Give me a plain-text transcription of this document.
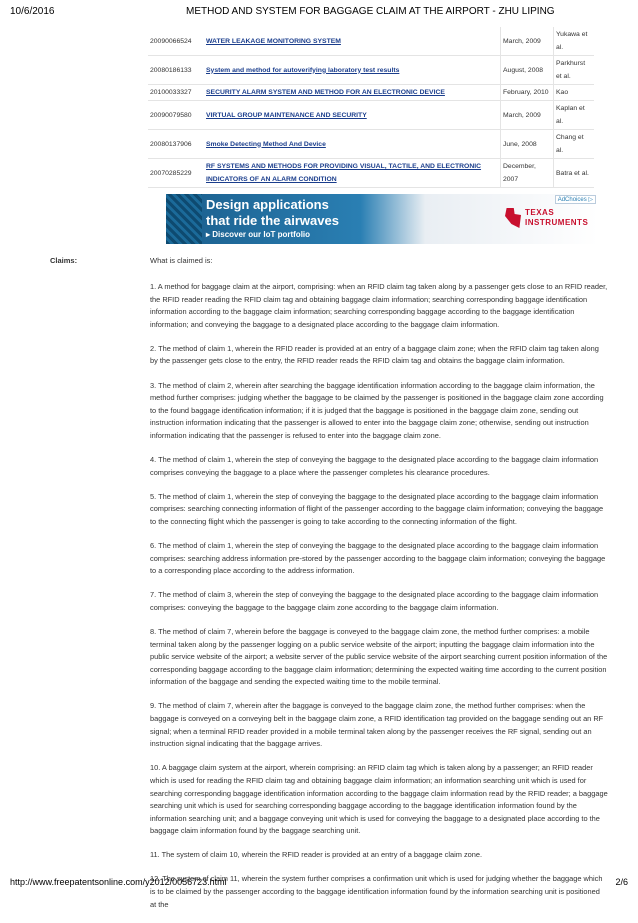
10/6/2016	METHOD AND SYSTEM FOR BAGGAGE CLAIM AT THE AIRPORT - ZHU LIPING
20090066524	WATER LEAKAGE MONITORING SYSTEM	March, 2009	Yukawa et al.
20080186133	System and method for autoverifying laboratory test results	August, 2008	Parkhurst et al.
20100033327	SECURITY ALARM SYSTEM AND METHOD FOR AN ELECTRONIC DEVICE	February, 2010	Kao
20090079580	VIRTUAL GROUP MAINTENANCE AND SECURITY	March, 2009	Kaplan et al.
20080137906	Smoke Detecting Method And Device	June, 2008	Chang et al.
20070285229	RF SYSTEMS AND METHODS FOR PROVIDING VISUAL, TACTILE, AND ELECTRONIC INDICATORS OF AN ALARM CONDITION	December, 2007	Batra et al.
Design applications
that ride the airwaves
▸ Discover our IoT portfolio
TEXAS
INSTRUMENTS
AdChoices ▷
Claims:	What is claimed is:

1. A method for baggage claim at the airport, comprising: when an RFID claim tag taken along by a passenger gets close to an RFID reader, the RFID reader reading the RFID claim tag and obtaining baggage claim information; searching corresponding baggage identification information according to the baggage claim information; searching corresponding baggage according to the baggage identification information; and conveying the baggage to a designated place according to the baggage claim information.

2. The method of claim 1, wherein the RFID reader is provided at an entry of a baggage claim zone; when the RFID claim tag taken along by the passenger gets close to the entry, the RFID reader reads the RFID claim tag and obtains the baggage claim information.

3. The method of claim 2, wherein after searching the baggage identification information according to the baggage claim information, the method further comprises: judging whether the baggage to be claimed by the passenger is positioned in the baggage claim zone according to the found baggage identification information; if it is judged that the baggage is positioned in the baggage claim zone, sending out instruction information indicating that the passenger is allowed to enter into the baggage claim zone; otherwise, sending out instruction information indicating that the passenger is refused to enter into the baggage claim zone.

4. The method of claim 1, wherein the step of conveying the baggage to the designated place according to the baggage claim information comprises conveying the baggage to a place where the passenger completes his clearance procedures.

5. The method of claim 1, wherein the step of conveying the baggage to the designated place according to the baggage claim information comprises: searching connecting information of flight of the passenger according to the baggage claim information; conveying the baggage to the connecting flight which the passenger is going to take according to the connecting information of the flight.

6. The method of claim 1, wherein the step of conveying the baggage to the designated place according to the baggage claim information comprises: searching address information pre-stored by the passenger according to the baggage claim information; conveying the baggage to a corresponding place according to the address information.

7. The method of claim 3, wherein the step of conveying the baggage to the designated place according to the baggage claim information comprises: conveying the baggage to the baggage claim zone according to the baggage claim information.

8. The method of claim 7, wherein before the baggage is conveyed to the baggage claim zone, the method further comprises: a mobile terminal taken along by the passenger logging on a public service website of the airport; inputting the baggage claim information into the public service website of the airport; a website server of the public service website of the airport searching current position information of the corresponding baggage according to the baggage claim information; determining the expected waiting time according to the current position information of the baggage and sending the expected waiting time to the mobile terminal.

9. The method of claim 7, wherein after the baggage is conveyed to the baggage claim zone, the method further comprises: when the baggage is conveyed on a conveying belt in the baggage claim zone, a RFID identification tag provided on the baggage sending out an RF signal; when a terminal RFID reader provided in a mobile terminal taken along by the passenger receives the RF signal, sending out an instruction signal indicating that the baggage arrives.

10. A baggage claim system at the airport, wherein comprising: an RFID claim tag which is taken along by a passenger; an RFID reader which is used for reading the RFID claim tag and obtaining baggage claim information; an information searching unit which is used for searching corresponding baggage identification information according to the baggage claim information read by the RFID reader; a baggage searching unit which is used for searching corresponding baggage according to the baggage identification information found by the information searching unit; and a baggage conveying unit which is used for conveying the baggage to a designated place according to the baggage claim information found by the baggage searching unit.

11. The system of claim 10, wherein the RFID reader is provided at an entry of a baggage claim zone.

12. The system of claim 11, wherein the system further comprises a confirmation unit which is used for judging whether the baggage which is to be claimed by the passenger according to the baggage identification information found by the information searching unit is positioned at the

http://www.freepatentsonline.com/y2012/0056723.html	2/6
